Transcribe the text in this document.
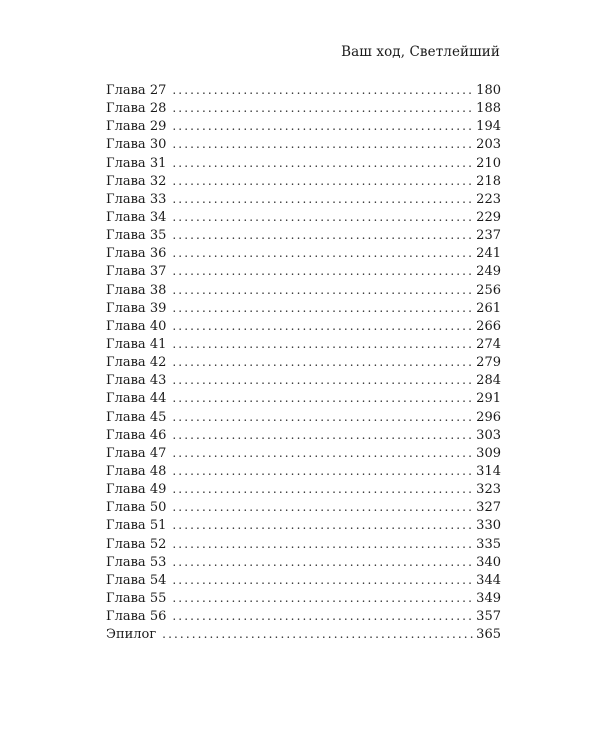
Ваш ход, Светлейший
Глава 27 .....	180
Глава 28 .....	188
Глава 29 .....	194
Глава 30 .....	203
Глава 31 .....	210
Глава 32 .....	218
Глава 33 .....	223
Глава 34 .....	229
Глава 35 .....	237
Глава 36 .....	241
Глава 37 .....	249
Глава 38 .....	256
Глава 39 .....	261
Глава 40 .....	266
Глава 41 .....	274
Глава 42 .....	279
Глава 43 .....	284
Глава 44 .....	291
Глава 45 .....	296
Глава 46 .....	303
Глава 47 .....	309
Глава 48 .....	314
Глава 49 .....	323
Глава 50 .....	327
Глава 51 .....	330
Глава 52 .....	335
Глава 53 .....	340
Глава 54 .....	344
Глава 55 .....	349
Глава 56 .....	357
Эпилог .....	365
